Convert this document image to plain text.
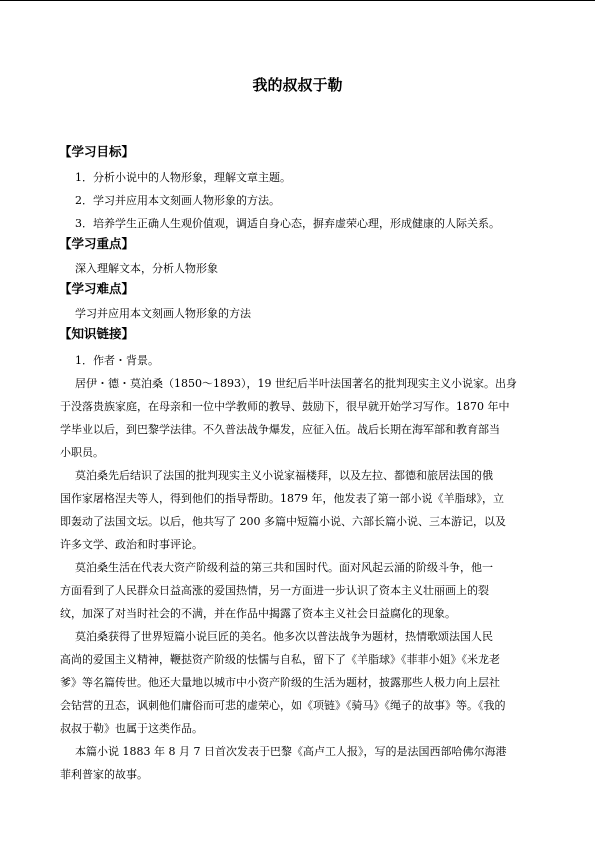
我的叔叔于勒
【学习目标】

1．分析小说中的人物形象，理解文章主题。

2．学习并应用本文刻画人物形象的方法。

3．培养学生正确人生观价值观，调适自身心态，摒弃虚荣心理，形成健康的人际关系。

【学习重点】

深入理解文本，分析人物形象

【学习难点】

学习并应用本文刻画人物形象的方法

【知识链接】

1．作者・背景。

居伊・德・莫泊桑（1850～1893），19 世纪后半叶法国著名的批判现实主义小说家。出身

于没落贵族家庭，在母亲和一位中学教师的教导、鼓励下，很早就开始学习写作。1870 年中

学毕业以后，到巴黎学法律。不久普法战争爆发，应征入伍。战后长期在海军部和教育部当

小职员。

莫泊桑先后结识了法国的批判现实主义小说家福楼拜，以及左拉、都德和旅居法国的俄

国作家屠格涅夫等人，得到他们的指导帮助。1879 年，他发表了第一部小说《羊脂球》，立

即轰动了法国文坛。以后，他共写了 200 多篇中短篇小说、六部长篇小说、三本游记，以及

许多文学、政治和时事评论。

莫泊桑生活在代表大资产阶级利益的第三共和国时代。面对风起云涌的阶级斗争，他一

方面看到了人民群众日益高涨的爱国热情，另一方面进一步认识了资本主义壮丽画上的裂

纹，加深了对当时社会的不满，并在作品中揭露了资本主义社会日益腐化的现象。

莫泊桑获得了世界短篇小说巨匠的美名。他多次以普法战争为题材，热情歌颂法国人民

高尚的爱国主义精神，鞭挞资产阶级的怯懦与自私，留下了《羊脂球》《菲菲小姐》《米龙老

爹》等名篇传世。他还大量地以城市中小资产阶级的生活为题材，披露那些人极力向上层社

会钻营的丑态，讽刺他们庸俗而可悲的虚荣心，如《项链》《骑马》《绳子的故事》等。《我的

叔叔于勒》也属于这类作品。

本篇小说 1883 年 8 月 7 日首次发表于巴黎《高卢工人报》，写的是法国西部哈佛尔海港

菲利普家的故事。
